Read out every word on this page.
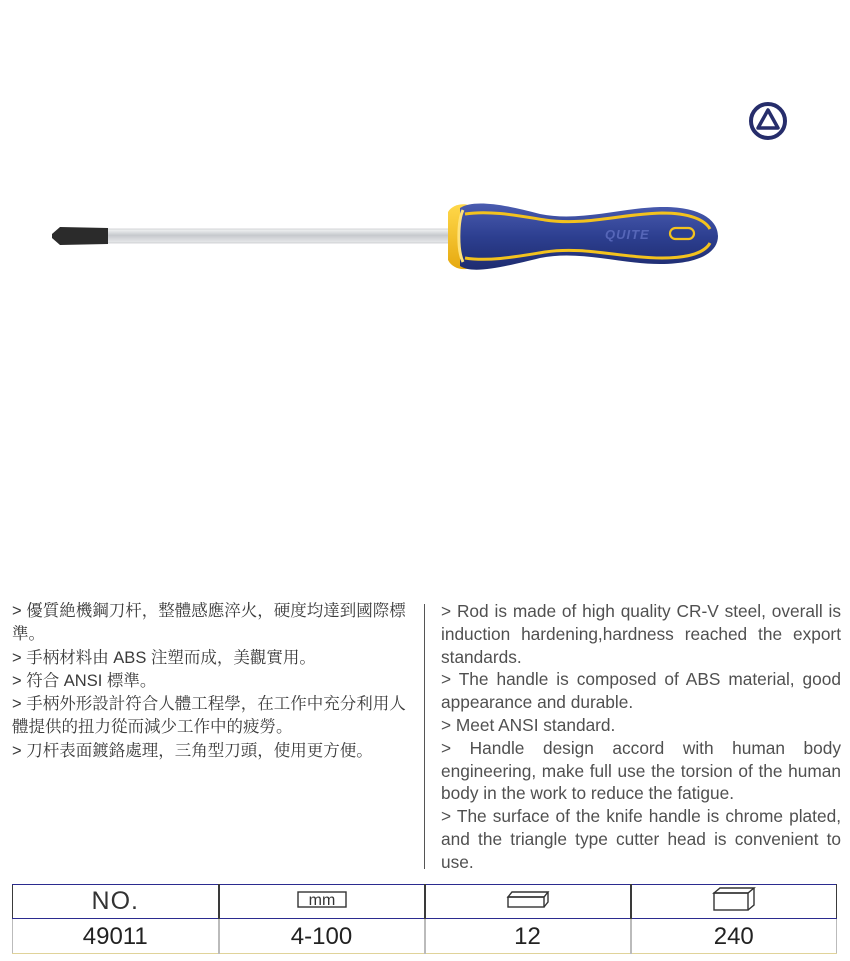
QUITE

> 優質絶機鋼刀杆，整體感應淬火，硬度均達到國際標準。

> 手柄材料由 ABS 注塑而成，美觀實用。

> 符合 ANSI 標準。

> 手柄外形設計符合人體工程學，在工作中充分利用人體提供的扭力從而減少工作中的疲勞。

> 刀杆表面鍍鉻處理，三角型刀頭，使用更方便。

> Rod is made of high quality CR-V steel, overall is induction hardening,hardness reached the export standards.

> The handle is composed of ABS material, good appearance and durable.

> Meet ANSI standard.

> Handle design accord with human body engineering, make full use the torsion of the human body in the work to reduce the fatigue.

> The surface of the knife handle is chrome plated, and the triangle type cutter head is convenient to use.

NO.	mm

49011	4-100	12	240
